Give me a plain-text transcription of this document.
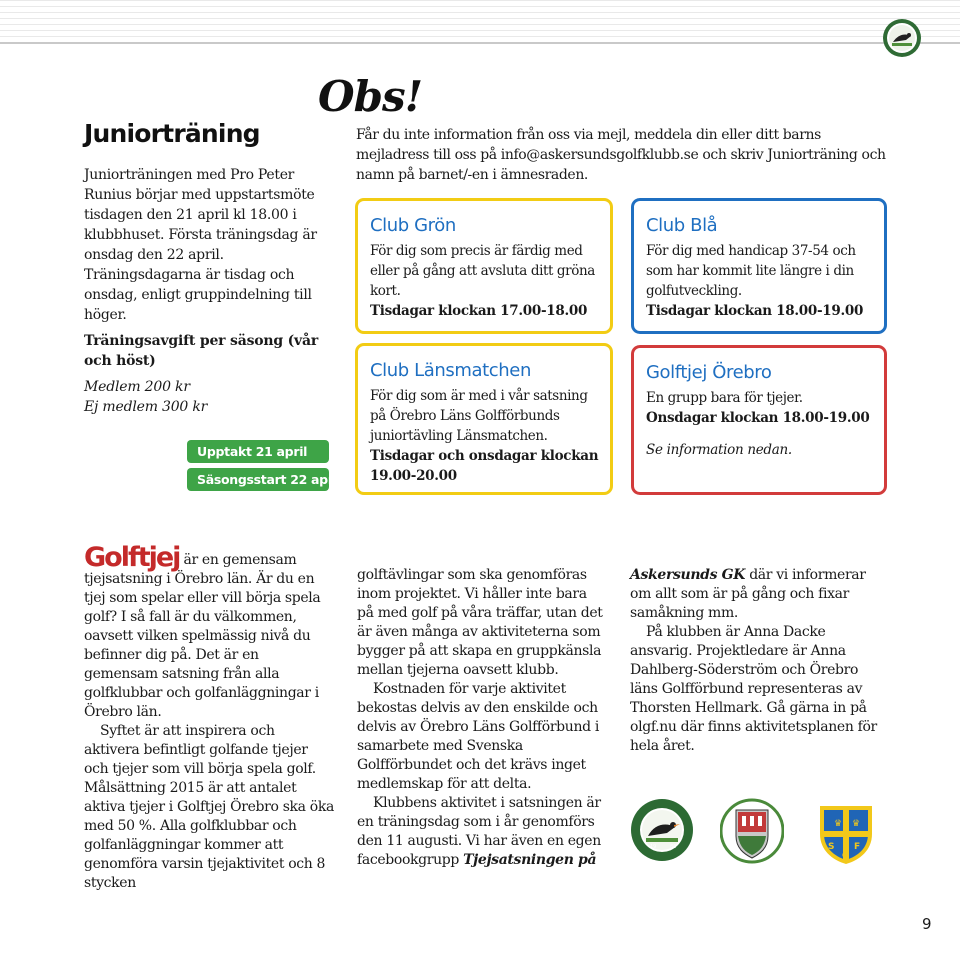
Juniorträning
Juniorträningen med Pro Peter Runius börjar med uppstartsmöte tisdagen den 21 april kl 18.00 i klubbhuset. Första träningsdag är onsdag den 22 april. Träningsdagarna är tisdag och onsdag, enligt gruppindelning till höger.
Träningsavgift per säsong (vår och höst)
Medlem 200 kr
Ej medlem 300 kr
Upptakt 21 april
Säsongsstart 22 april
Obs!
Får du inte information från oss via mejl, meddela din eller ditt barns mejladress till oss på info@askersundsgolfklubb.se och skriv Juniorträning och namn på barnet/-en i ämnesraden.
Club Grön
För dig som precis är färdig med eller på gång att avsluta ditt gröna kort.
Tisdagar klockan 17.00-18.00
Club Blå
För dig med handicap 37-54 och som har kommit lite längre i din golfutveckling.
Tisdagar klockan 18.00-19.00
Club Länsmatchen
För dig som är med i vår satsning på Örebro Läns Golfförbunds juniortävling Länsmatchen.
Tisdagar och onsdagar klockan 19.00-20.00
Golftjej Örebro
En grupp bara för tjejer.
Onsdagar klockan 18.00-19.00
Se information nedan.

Golftjej är en gemensam tjejsatsning i Örebro län. Är du en tjej som spelar eller vill börja spela golf? I så fall är du välkommen, oavsett vilken spelmässig nivå du befinner dig på. Det är en gemensam satsning från alla golfklubbar och golfanläggningar i Örebro län.

Syftet är att inspirera och aktivera befintligt golfande tjejer och tjejer som vill börja spela golf. Målsättning 2015 är att antalet aktiva tjejer i Golftjej Örebro ska öka med 50 %. Alla golfklubbar och golfanläggningar kommer att genomföra varsin tjejaktivitet och 8 stycken

golftävlingar som ska genomföras inom projektet. Vi håller inte bara på med golf på våra träffar, utan det är även många av aktiviteterna som bygger på att skapa en gruppkänsla mellan tjejerna oavsett klubb.

Kostnaden för varje aktivitet bekostas delvis av den enskilde och delvis av Örebro Läns Golfförbund i samarbete med Svenska Golfförbundet och det krävs inget medlemskap för att delta.

Klubbens aktivitet i satsningen är en träningsdag som i år genomförs den 11 augusti. Vi har även en egen facebookgrupp Tjejsatsningen på

Askersunds GK där vi informerar om allt som är på gång och fixar samåkning mm.

På klubben är Anna Dacke ansvarig. Projektledare är Anna Dahlberg-Söderström och Örebro läns Golfförbund representeras av Thorsten Hellmark. Gå gärna in på olgf.nu där finns aktivitetsplanen för hela året.

19	80
♛ ♛
S F
G
9
